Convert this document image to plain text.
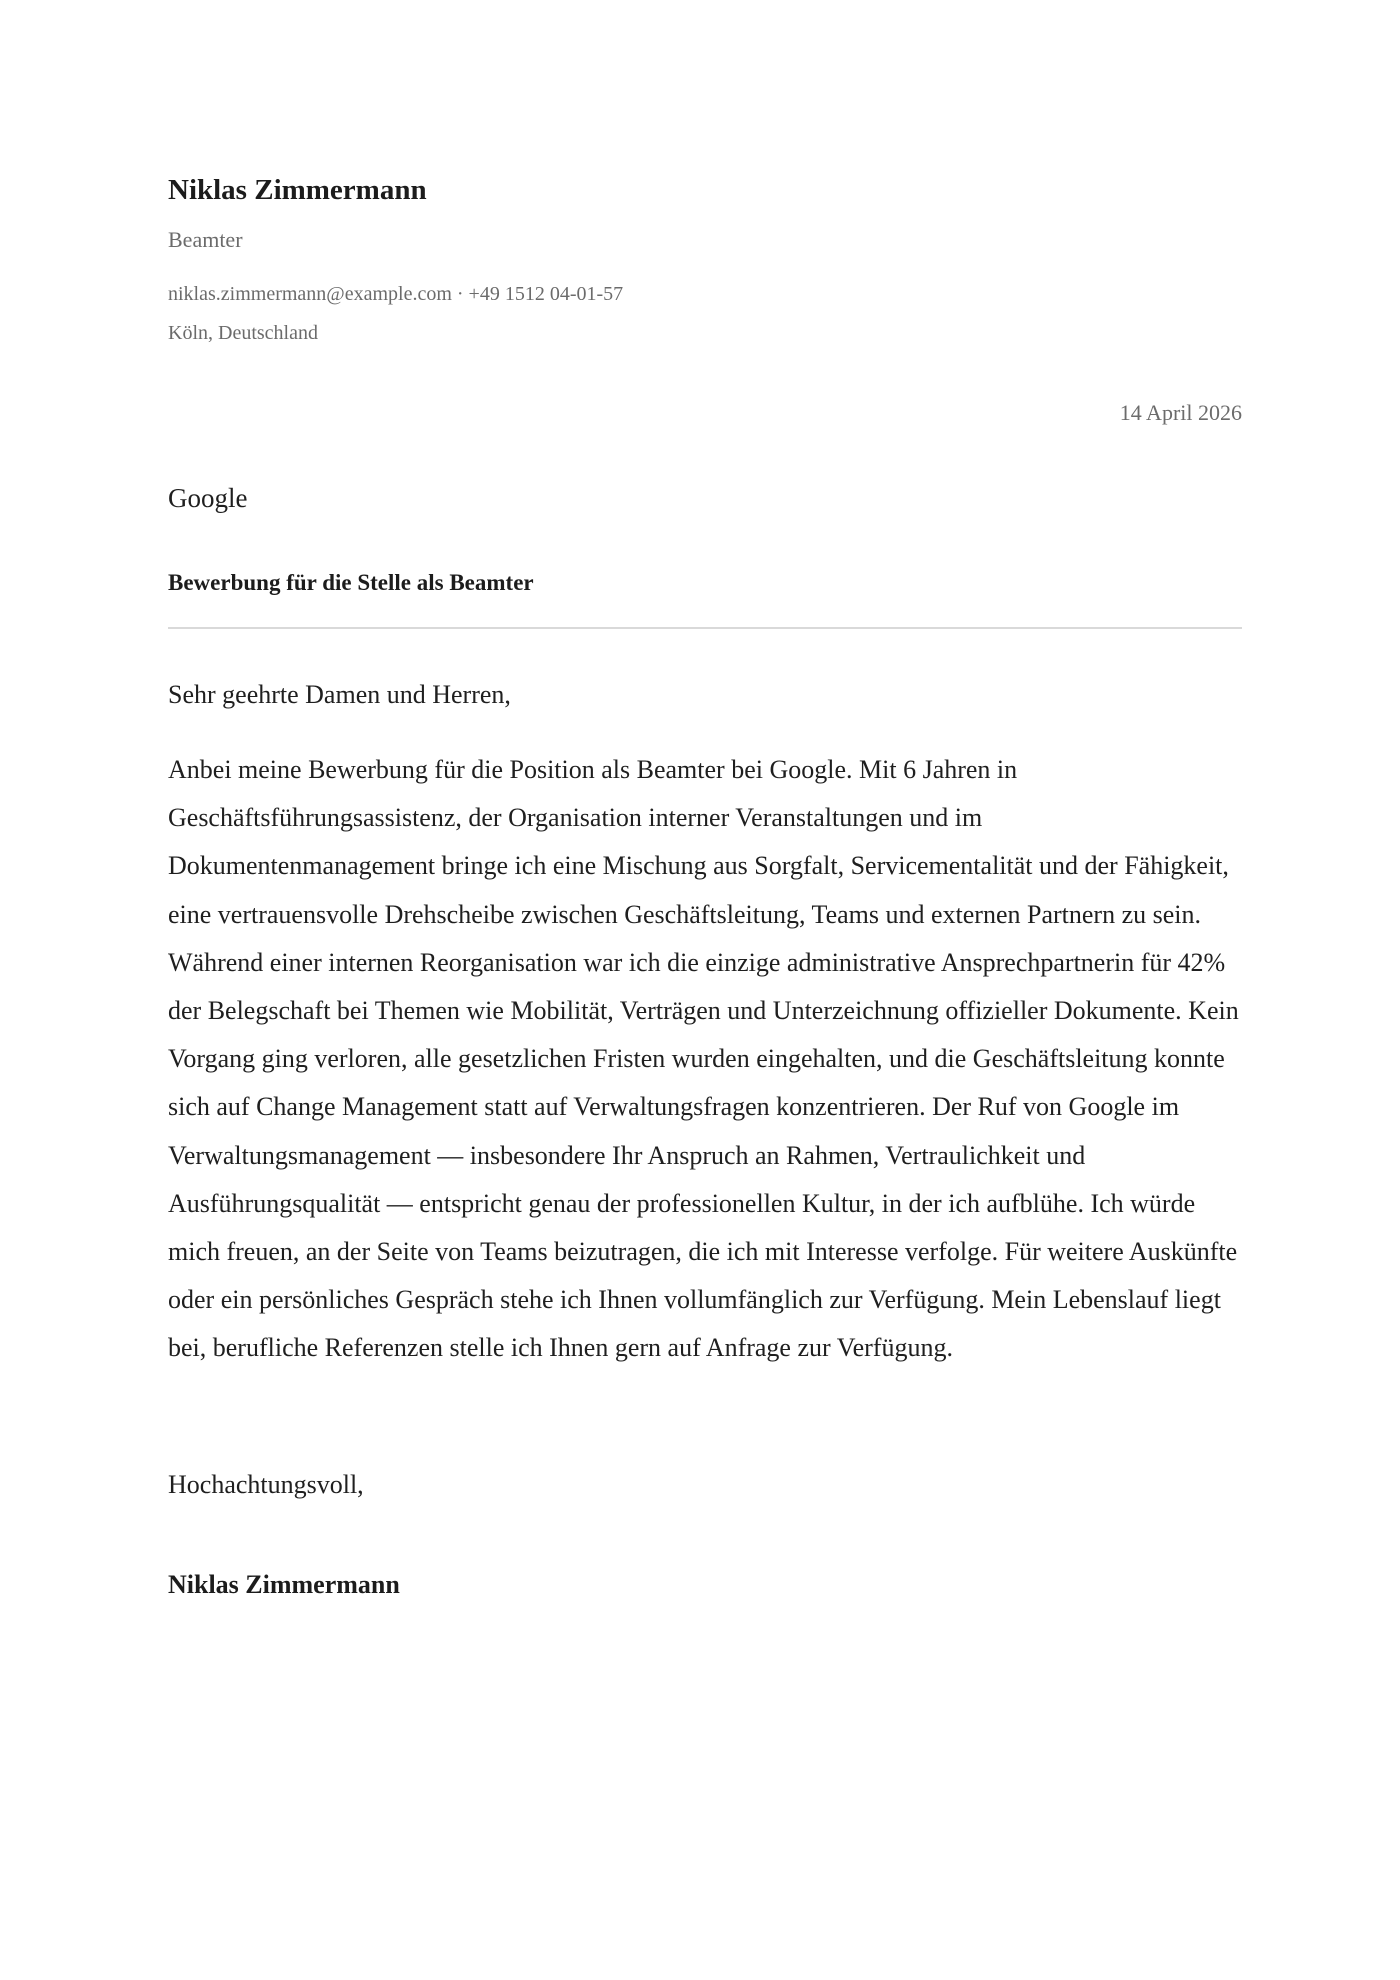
Niklas Zimmermann
Beamter
niklas.zimmermann@example.com · +49 1512 04-01-57
Köln, Deutschland
14 April 2026
Google
Bewerbung für die Stelle als Beamter
Sehr geehrte Damen und Herren,

Anbei meine Bewerbung für die Position als Beamter bei Google. Mit 6 Jahren in Geschäftsführungsassistenz, der Organisation interner Veranstaltungen und im Dokumentenmanagement bringe ich eine Mischung aus Sorgfalt, Servicementalität und der Fähigkeit, eine vertrauensvolle Drehscheibe zwischen Geschäftsleitung, Teams und externen Partnern zu sein. Während einer internen Reorganisation war ich die einzige administrative Ansprechpartnerin für 42% der Belegschaft bei Themen wie Mobilität, Verträgen und Unterzeichnung offizieller Dokumente. Kein Vorgang ging verloren, alle gesetzlichen Fristen wurden eingehalten, und die Geschäftsleitung konnte sich auf Change Management statt auf Verwaltungsfragen konzentrieren. Der Ruf von Google im Verwaltungsmanagement — insbesondere Ihr Anspruch an Rahmen, Vertraulichkeit und Ausführungsqualität — entspricht genau der professionellen Kultur, in der ich aufblühe. Ich würde mich freuen, an der Seite von Teams beizutragen, die ich mit Interesse verfolge. Für weitere Auskünfte oder ein persönliches Gespräch stehe ich Ihnen vollumfänglich zur Verfügung. Mein Lebenslauf liegt bei, berufliche Referenzen stelle ich Ihnen gern auf Anfrage zur Verfügung.

Hochachtungsvoll,
Niklas Zimmermann
